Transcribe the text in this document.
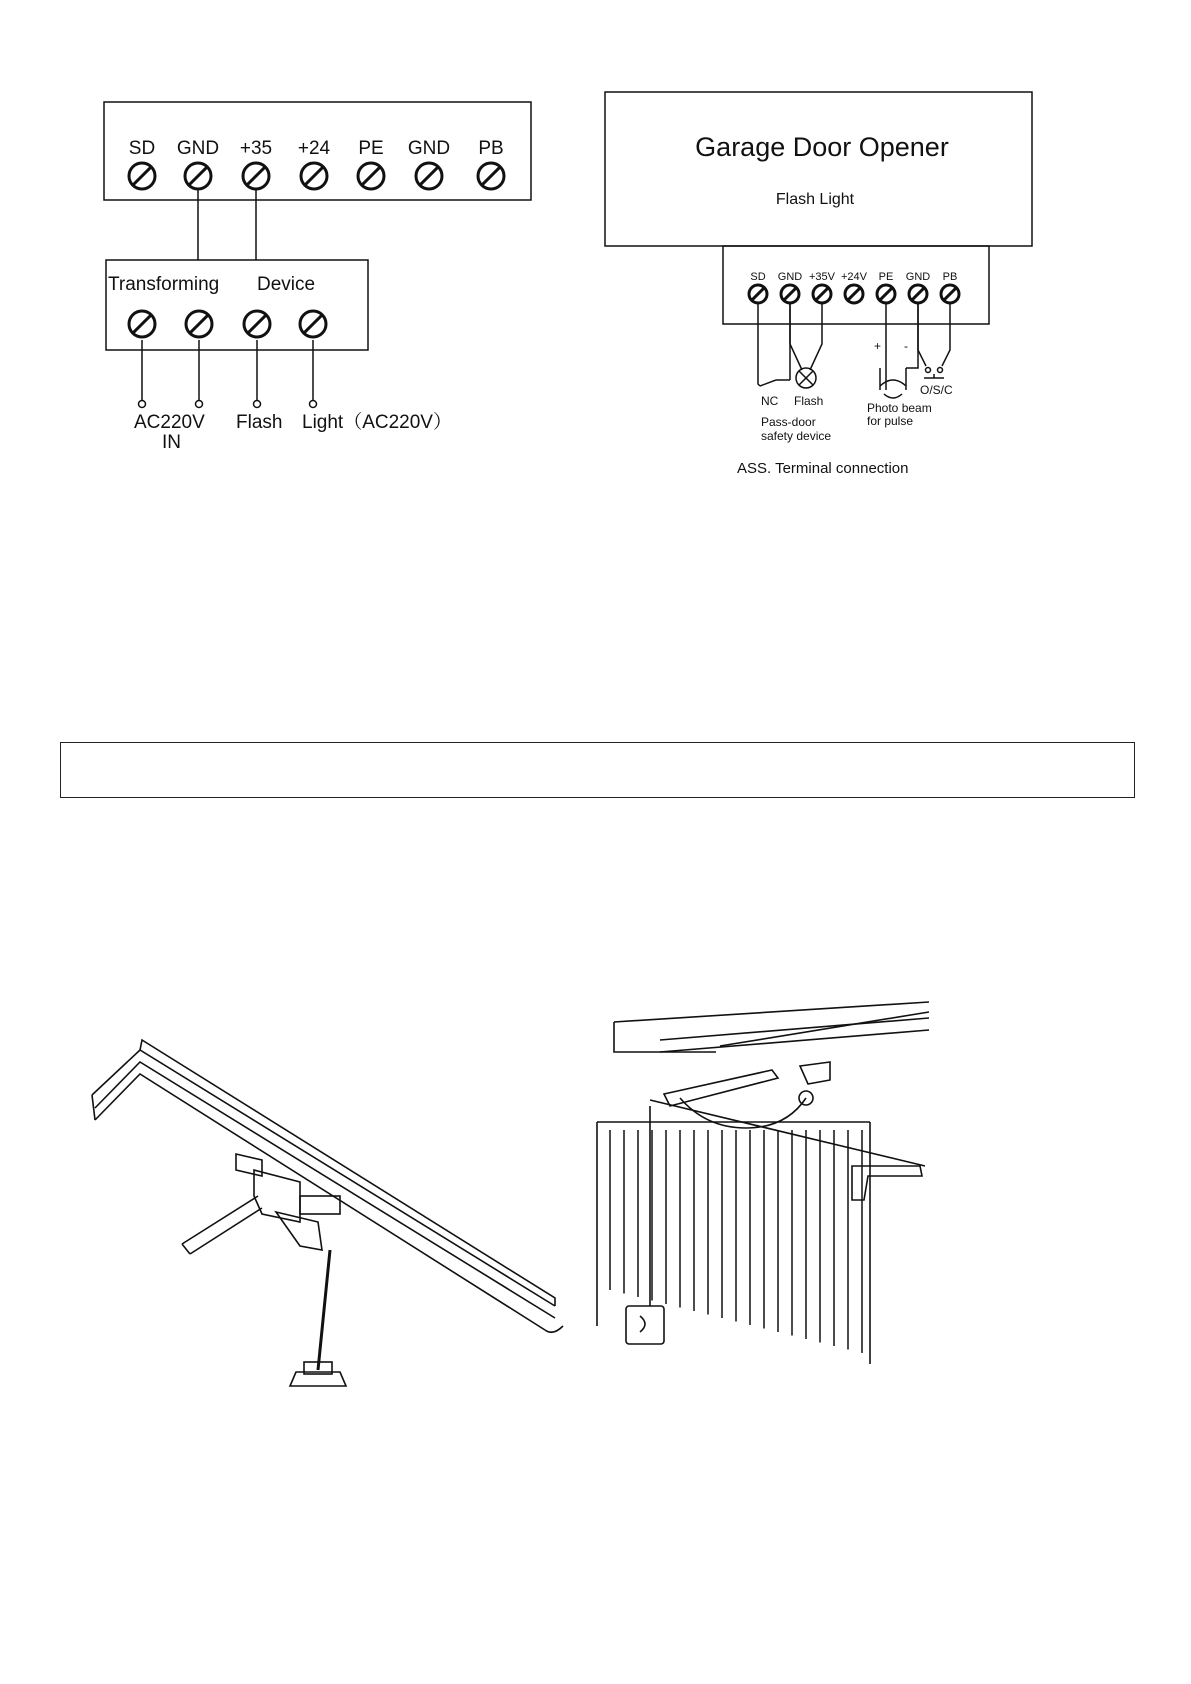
SD GND +35 +24 PE GND PB
Transforming Device
AC220V
IN
Flash Light（AC220V）
Garage Door Opener
Flash Light
SD GND +35V +24V PE GND PB
NC Flash
Pass-door
safety device
+ -
Photo beam
for pulse
O/S/C
ASS. Terminal connection
